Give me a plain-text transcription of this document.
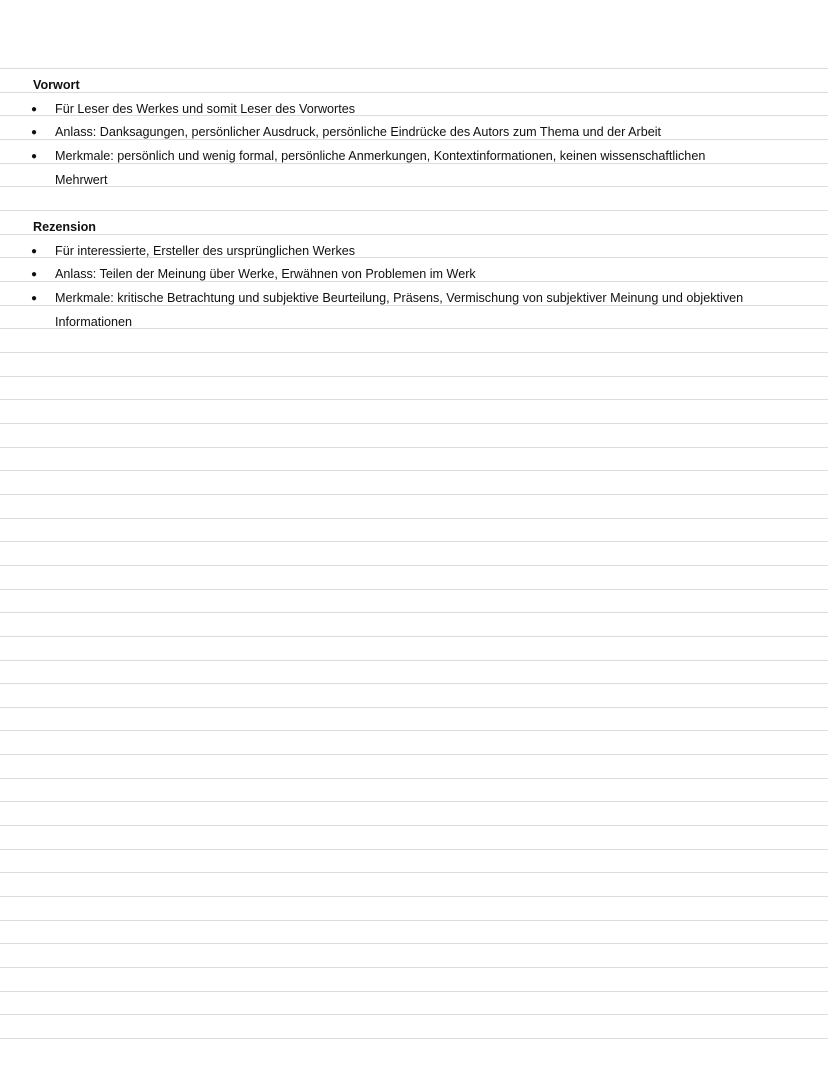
Vorwort
● Für Leser des Werkes und somit Leser des Vorwortes
● Anlass: Danksagungen, persönlicher Ausdruck, persönliche Eindrücke des Autors zum Thema und der Arbeit
● Merkmale: persönlich und wenig formal, persönliche Anmerkungen, Kontextinformationen, keinen wissenschaftlichen
Mehrwert
Rezension
● Für interessierte, Ersteller des ursprünglichen Werkes
● Anlass: Teilen der Meinung über Werke, Erwähnen von Problemen im Werk
● Merkmale: kritische Betrachtung und subjektive Beurteilung, Präsens, Vermischung von subjektiver Meinung und objektiven
Informationen
